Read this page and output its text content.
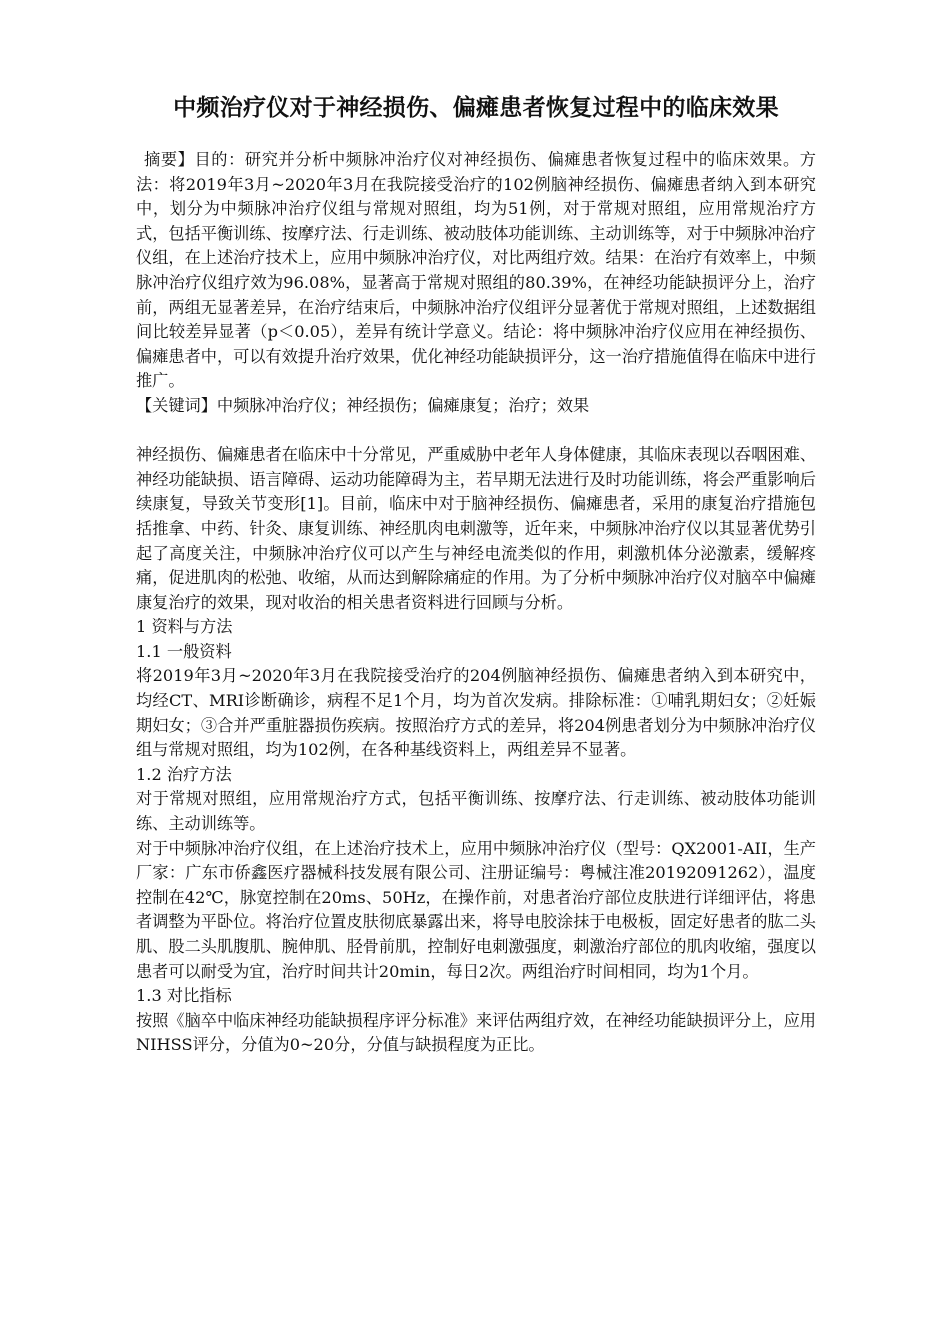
中频治疗仪对于神经损伤、偏瘫患者恢复过程中的临床效果

摘要】目的：研究并分析中频脉冲治疗仪对神经损伤、偏瘫患者恢复过程中的临床效果。方法：将2019年3月~2020年3月在我院接受治疗的102例脑神经损伤、偏瘫患者纳入到本研究中，划分为中频脉冲治疗仪组与常规对照组，均为51例，对于常规对照组，应用常规治疗方式，包括平衡训练、按摩疗法、行走训练、被动肢体功能训练、主动训练等，对于中频脉冲治疗仪组，在上述治疗技术上，应用中频脉冲治疗仪，对比两组疗效。结果：在治疗有效率上，中频脉冲治疗仪组疗效为96.08%，显著高于常规对照组的80.39%，在神经功能缺损评分上，治疗前，两组无显著差异，在治疗结束后，中频脉冲治疗仪组评分显著优于常规对照组，上述数据组间比较差异显著（p＜0.05），差异有统计学意义。结论：将中频脉冲治疗仪应用在神经损伤、偏瘫患者中，可以有效提升治疗效果，优化神经功能缺损评分，这一治疗措施值得在临床中进行推广。

【关键词】中频脉冲治疗仪；神经损伤；偏瘫康复；治疗；效果

神经损伤、偏瘫患者在临床中十分常见，严重威胁中老年人身体健康，其临床表现以吞咽困难、神经功能缺损、语言障碍、运动功能障碍为主，若早期无法进行及时功能训练，将会严重影响后续康复，导致关节变形[1]。目前，临床中对于脑神经损伤、偏瘫患者，采用的康复治疗措施包括推拿、中药、针灸、康复训练、神经肌肉电刺激等，近年来，中频脉冲治疗仪以其显著优势引起了高度关注，中频脉冲治疗仪可以产生与神经电流类似的作用，刺激机体分泌激素，缓解疼痛，促进肌肉的松弛、收缩，从而达到解除痛症的作用。为了分析中频脉冲治疗仪对脑卒中偏瘫康复治疗的效果，现对收治的相关患者资料进行回顾与分析。

1 资料与方法

1.1 一般资料

将2019年3月~2020年3月在我院接受治疗的204例脑神经损伤、偏瘫患者纳入到本研究中，均经CT、MRI诊断确诊，病程不足1个月，均为首次发病。排除标准：①哺乳期妇女；②妊娠期妇女；③合并严重脏器损伤疾病。按照治疗方式的差异，将204例患者划分为中频脉冲治疗仪组与常规对照组，均为102例，在各种基线资料上，两组差异不显著。

1.2 治疗方法

对于常规对照组，应用常规治疗方式，包括平衡训练、按摩疗法、行走训练、被动肢体功能训练、主动训练等。

对于中频脉冲治疗仪组，在上述治疗技术上，应用中频脉冲治疗仪（型号：QX2001-AII，生产厂家：广东市侨鑫医疗器械科技发展有限公司、注册证编号：粤械注准20192091262），温度控制在42℃，脉宽控制在20ms、50Hz，在操作前，对患者治疗部位皮肤进行详细评估，将患者调整为平卧位。将治疗位置皮肤彻底暴露出来，将导电胶涂抹于电极板，固定好患者的肱二头肌、股二头肌腹肌、腕伸肌、胫骨前肌，控制好电刺激强度，刺激治疗部位的肌肉收缩，强度以患者可以耐受为宜，治疗时间共计20min，每日2次。两组治疗时间相同，均为1个月。

1.3 对比指标

按照《脑卒中临床神经功能缺损程序评分标准》来评估两组疗效，在神经功能缺损评分上，应用NIHSS评分，分值为0~20分，分值与缺损程度为正比。
